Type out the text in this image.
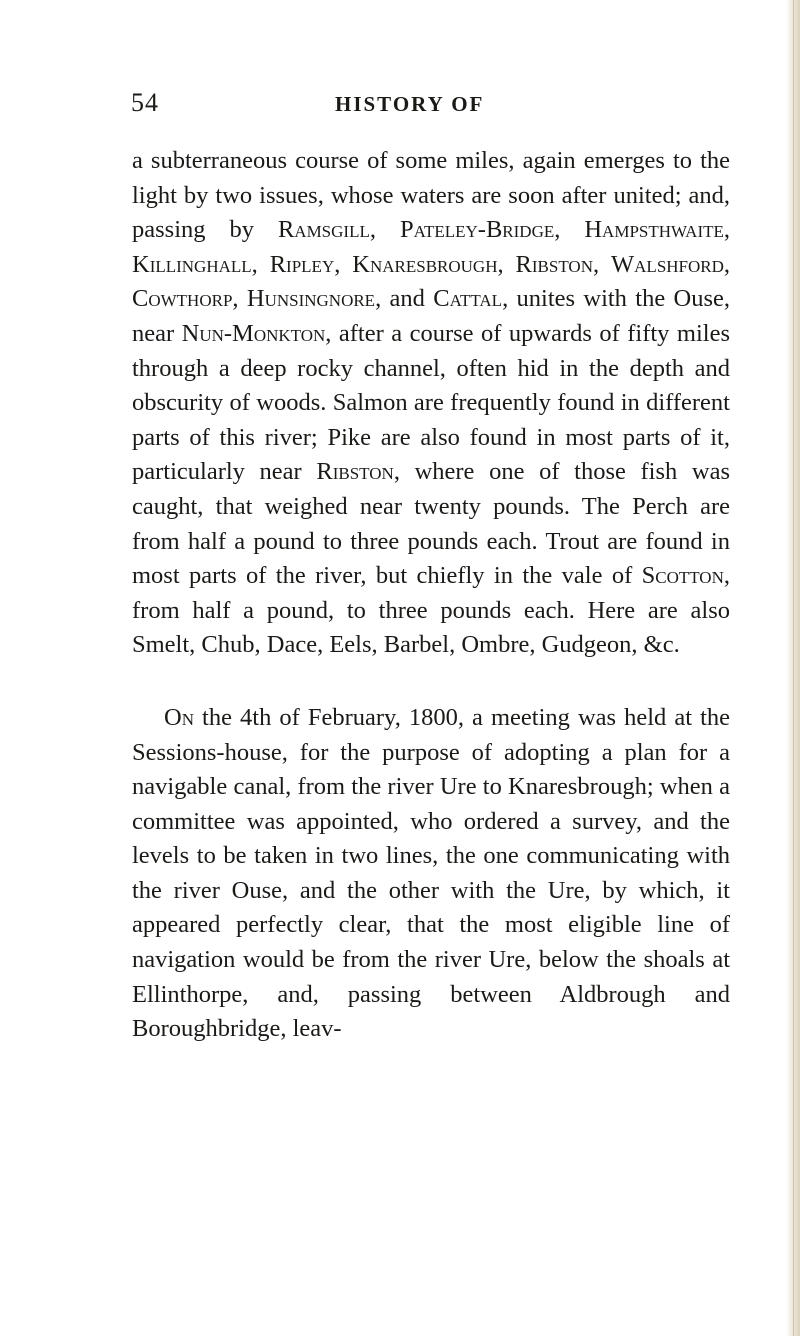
54	HISTORY OF

a subterraneous course of some miles, again emerges to the light by two issues, whose waters are soon after united; and, passing by Ramsgill, Pateley-Bridge, Hampsthwaite, Killinghall, Ripley, Knaresbrough, Ribston, Walshford, Cowthorp, Hunsingnore, and Cattal, unites with the Ouse, near Nun-Monkton, after a course of upwards of fifty miles through a deep rocky channel, often hid in the depth and obscurity of woods. Salmon are frequently found in different parts of this river; Pike are also found in most parts of it, particularly near Ribston, where one of those fish was caught, that weighed near twenty pounds. The Perch are from half a pound to three pounds each. Trout are found in most parts of the river, but chiefly in the vale of Scotton, from half a pound, to three pounds each. Here are also Smelt, Chub, Dace, Eels, Barbel, Ombre, Gudgeon, &c.

On the 4th of February, 1800, a meeting was held at the Sessions-house, for the purpose of adopting a plan for a navigable canal, from the river Ure to Knaresbrough; when a committee was appointed, who ordered a survey, and the levels to be taken in two lines, the one communicating with the river Ouse, and the other with the Ure, by which, it appeared perfectly clear, that the most eligible line of navigation would be from the river Ure, below the shoals at Ellinthorpe, and, passing between Aldbrough and Boroughbridge, leav-
